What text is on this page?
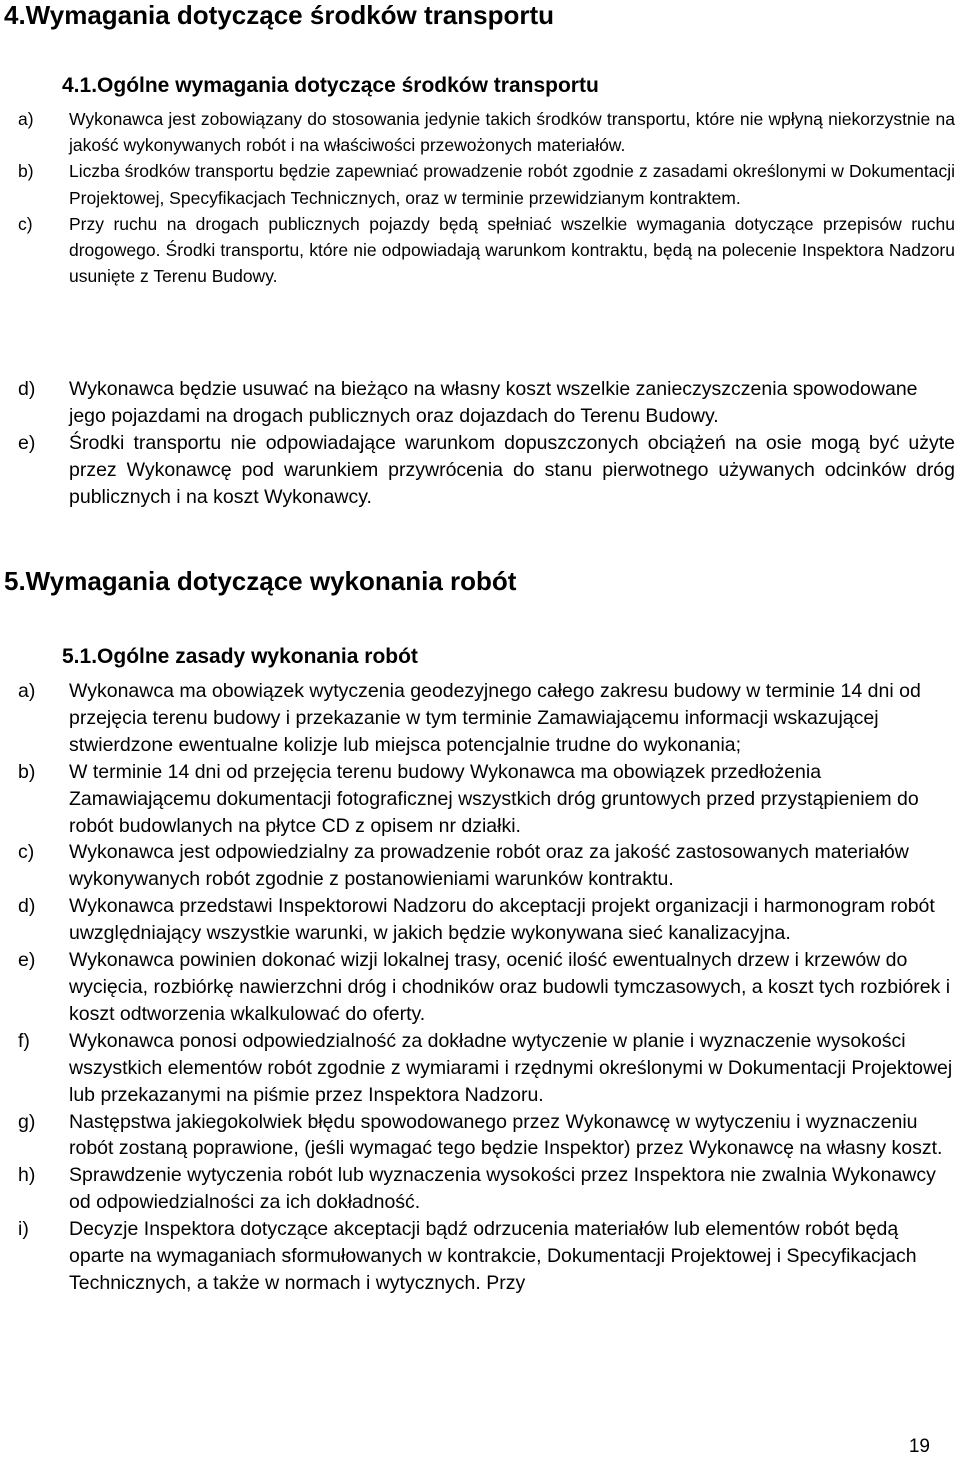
4.Wymagania dotyczące środków transportu
4.1.Ogólne wymagania dotyczące środków transportu
a)	Wykonawca jest zobowiązany do stosowania jedynie takich środków transportu, które nie wpłyną niekorzystnie na jakość wykonywanych robót i na właściwości przewożonych materiałów.
b)	Liczba środków transportu będzie zapewniać prowadzenie robót zgodnie z zasadami określonymi w Dokumentacji Projektowej, Specyfikacjach Technicznych, oraz w terminie przewidzianym kontraktem.
c)	Przy ruchu na drogach publicznych pojazdy będą spełniać wszelkie wymagania dotyczące przepisów ruchu drogowego. Środki transportu, które nie odpowiadają warunkom kontraktu, będą na polecenie Inspektora Nadzoru usunięte z Terenu Budowy.
d)	Wykonawca będzie usuwać na bieżąco na własny koszt wszelkie zanieczyszczenia spowodowane jego pojazdami na drogach publicznych oraz dojazdach do Terenu Budowy.
e)	Środki transportu nie odpowiadające warunkom dopuszczonych obciążeń na osie mogą być użyte przez Wykonawcę pod warunkiem przywrócenia do stanu pierwotnego używanych odcinków dróg publicznych i na koszt Wykonawcy.
5.Wymagania dotyczące wykonania robót
5.1.Ogólne zasady wykonania robót
a)	Wykonawca ma obowiązek wytyczenia geodezyjnego całego zakresu budowy w terminie 14 dni od przejęcia terenu budowy i przekazanie w tym terminie Zamawiającemu informacji wskazującej stwierdzone ewentualne kolizje lub miejsca potencjalnie trudne do wykonania;
b)	W terminie 14 dni od przejęcia terenu budowy Wykonawca ma obowiązek przedłożenia Zamawiającemu dokumentacji fotograficznej wszystkich dróg gruntowych przed przystąpieniem do robót budowlanych na płytce CD z opisem nr działki.
c)	Wykonawca jest odpowiedzialny za prowadzenie robót oraz za jakość zastosowanych materiałów wykonywanych robót zgodnie z postanowieniami warunków kontraktu.
d)	Wykonawca przedstawi Inspektorowi Nadzoru do akceptacji projekt organizacji i harmonogram robót uwzględniający wszystkie warunki, w jakich będzie wykonywana sieć kanalizacyjna.
e)	Wykonawca powinien dokonać wizji lokalnej trasy, ocenić ilość ewentualnych drzew i krzewów do wycięcia, rozbiórkę nawierzchni dróg i chodników oraz budowli tymczasowych, a koszt tych rozbiórek i koszt odtworzenia wkalkulować do oferty.
f)	Wykonawca ponosi odpowiedzialność za dokładne wytyczenie w planie i wyznaczenie wysokości wszystkich elementów robót zgodnie z wymiarami i rzędnymi określonymi w Dokumentacji Projektowej lub przekazanymi na piśmie przez Inspektora Nadzoru.
g)	Następstwa jakiegokolwiek błędu spowodowanego przez Wykonawcę w wytyczeniu i wyznaczeniu robót zostaną poprawione, (jeśli wymagać tego będzie Inspektor) przez Wykonawcę na własny koszt.
h)	Sprawdzenie wytyczenia robót lub wyznaczenia wysokości przez Inspektora nie zwalnia Wykonawcy od odpowiedzialności za ich dokładność.
i)	Decyzje Inspektora dotyczące akceptacji bądź odrzucenia materiałów lub elementów robót będą oparte na wymaganiach sformułowanych w kontrakcie, Dokumentacji Projektowej i Specyfikacjach Technicznych, a także w normach i wytycznych. Przy
19
